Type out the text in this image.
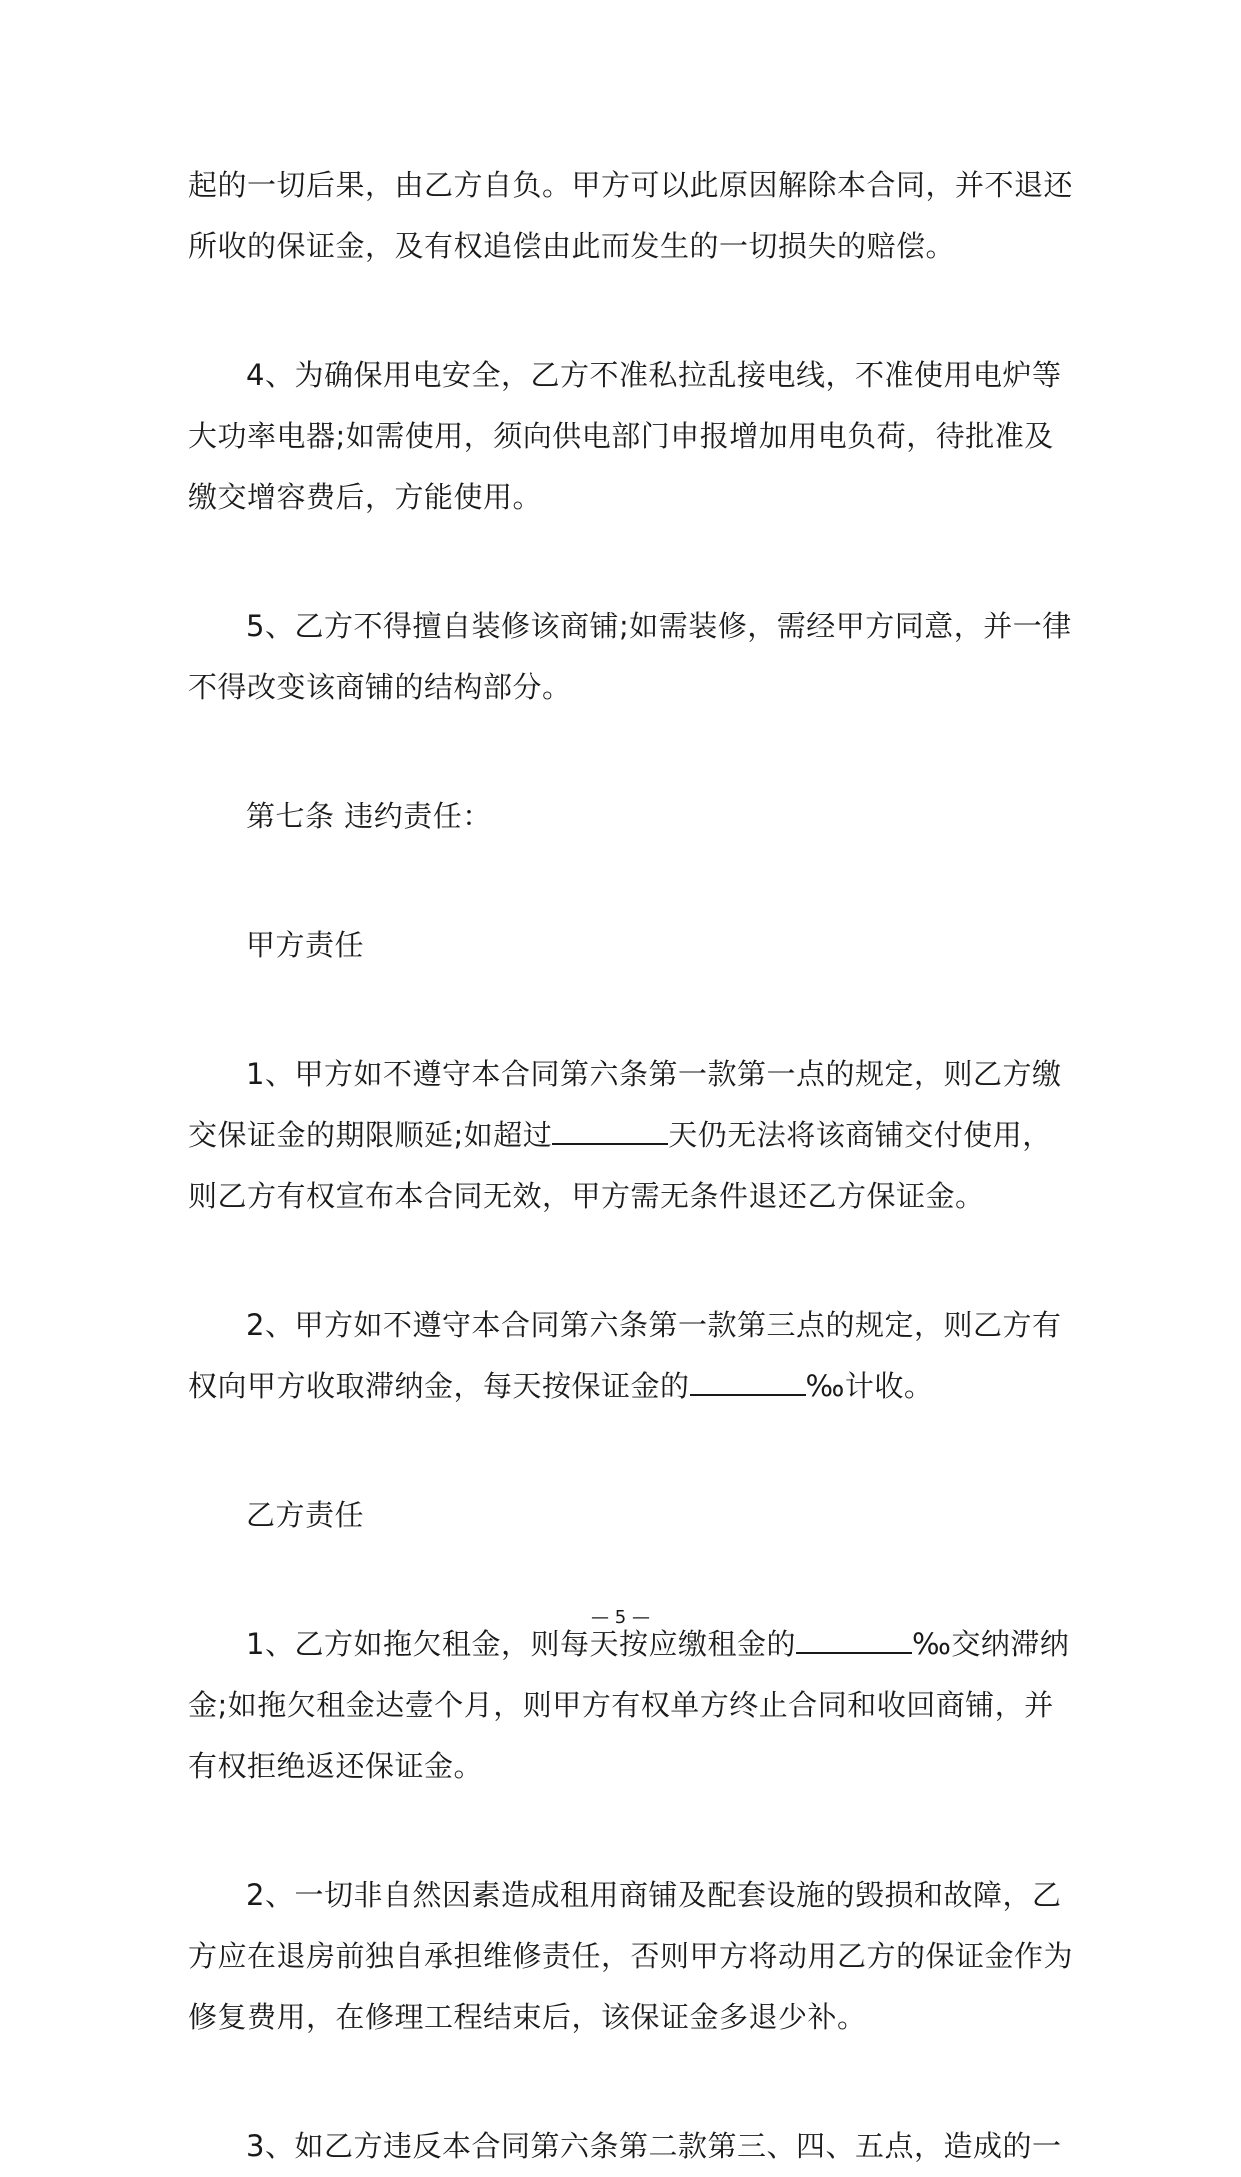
起的一切后果，由乙方自负。甲方可以此原因解除本合同，并不退还
所收的保证金，及有权追偿由此而发生的一切损失的赔偿。
4、为确保用电安全，乙方不准私拉乱接电线，不准使用电炉等
大功率电器;如需使用，须向供电部门申报增加用电负荷，待批准及
缴交增容费后，方能使用。
5、乙方不得擅自装修该商铺;如需装修，需经甲方同意，并一律
不得改变该商铺的结构部分。
第七条 违约责任：
甲方责任
1、甲方如不遵守本合同第六条第一款第一点的规定，则乙方缴
交保证金的期限顺延;如超过	天仍无法将该商铺交付使用，
则乙方有权宣布本合同无效，甲方需无条件退还乙方保证金。
2、甲方如不遵守本合同第六条第一款第三点的规定，则乙方有
权向甲方收取滞纳金，每天按保证金的	‰计收。
乙方责任
1、乙方如拖欠租金，则每天按应缴租金的	‰交纳滞纳
金;如拖欠租金达壹个月，则甲方有权单方终止合同和收回商铺，并
有权拒绝返还保证金。
2、一切非自然因素造成租用商铺及配套设施的毁损和故障，乙
方应在退房前独自承担维修责任，否则甲方将动用乙方的保证金作为
修复费用，在修理工程结束后，该保证金多退少补。
3、如乙方违反本合同第六条第二款第三、四、五点，造成的一
— 5 —
